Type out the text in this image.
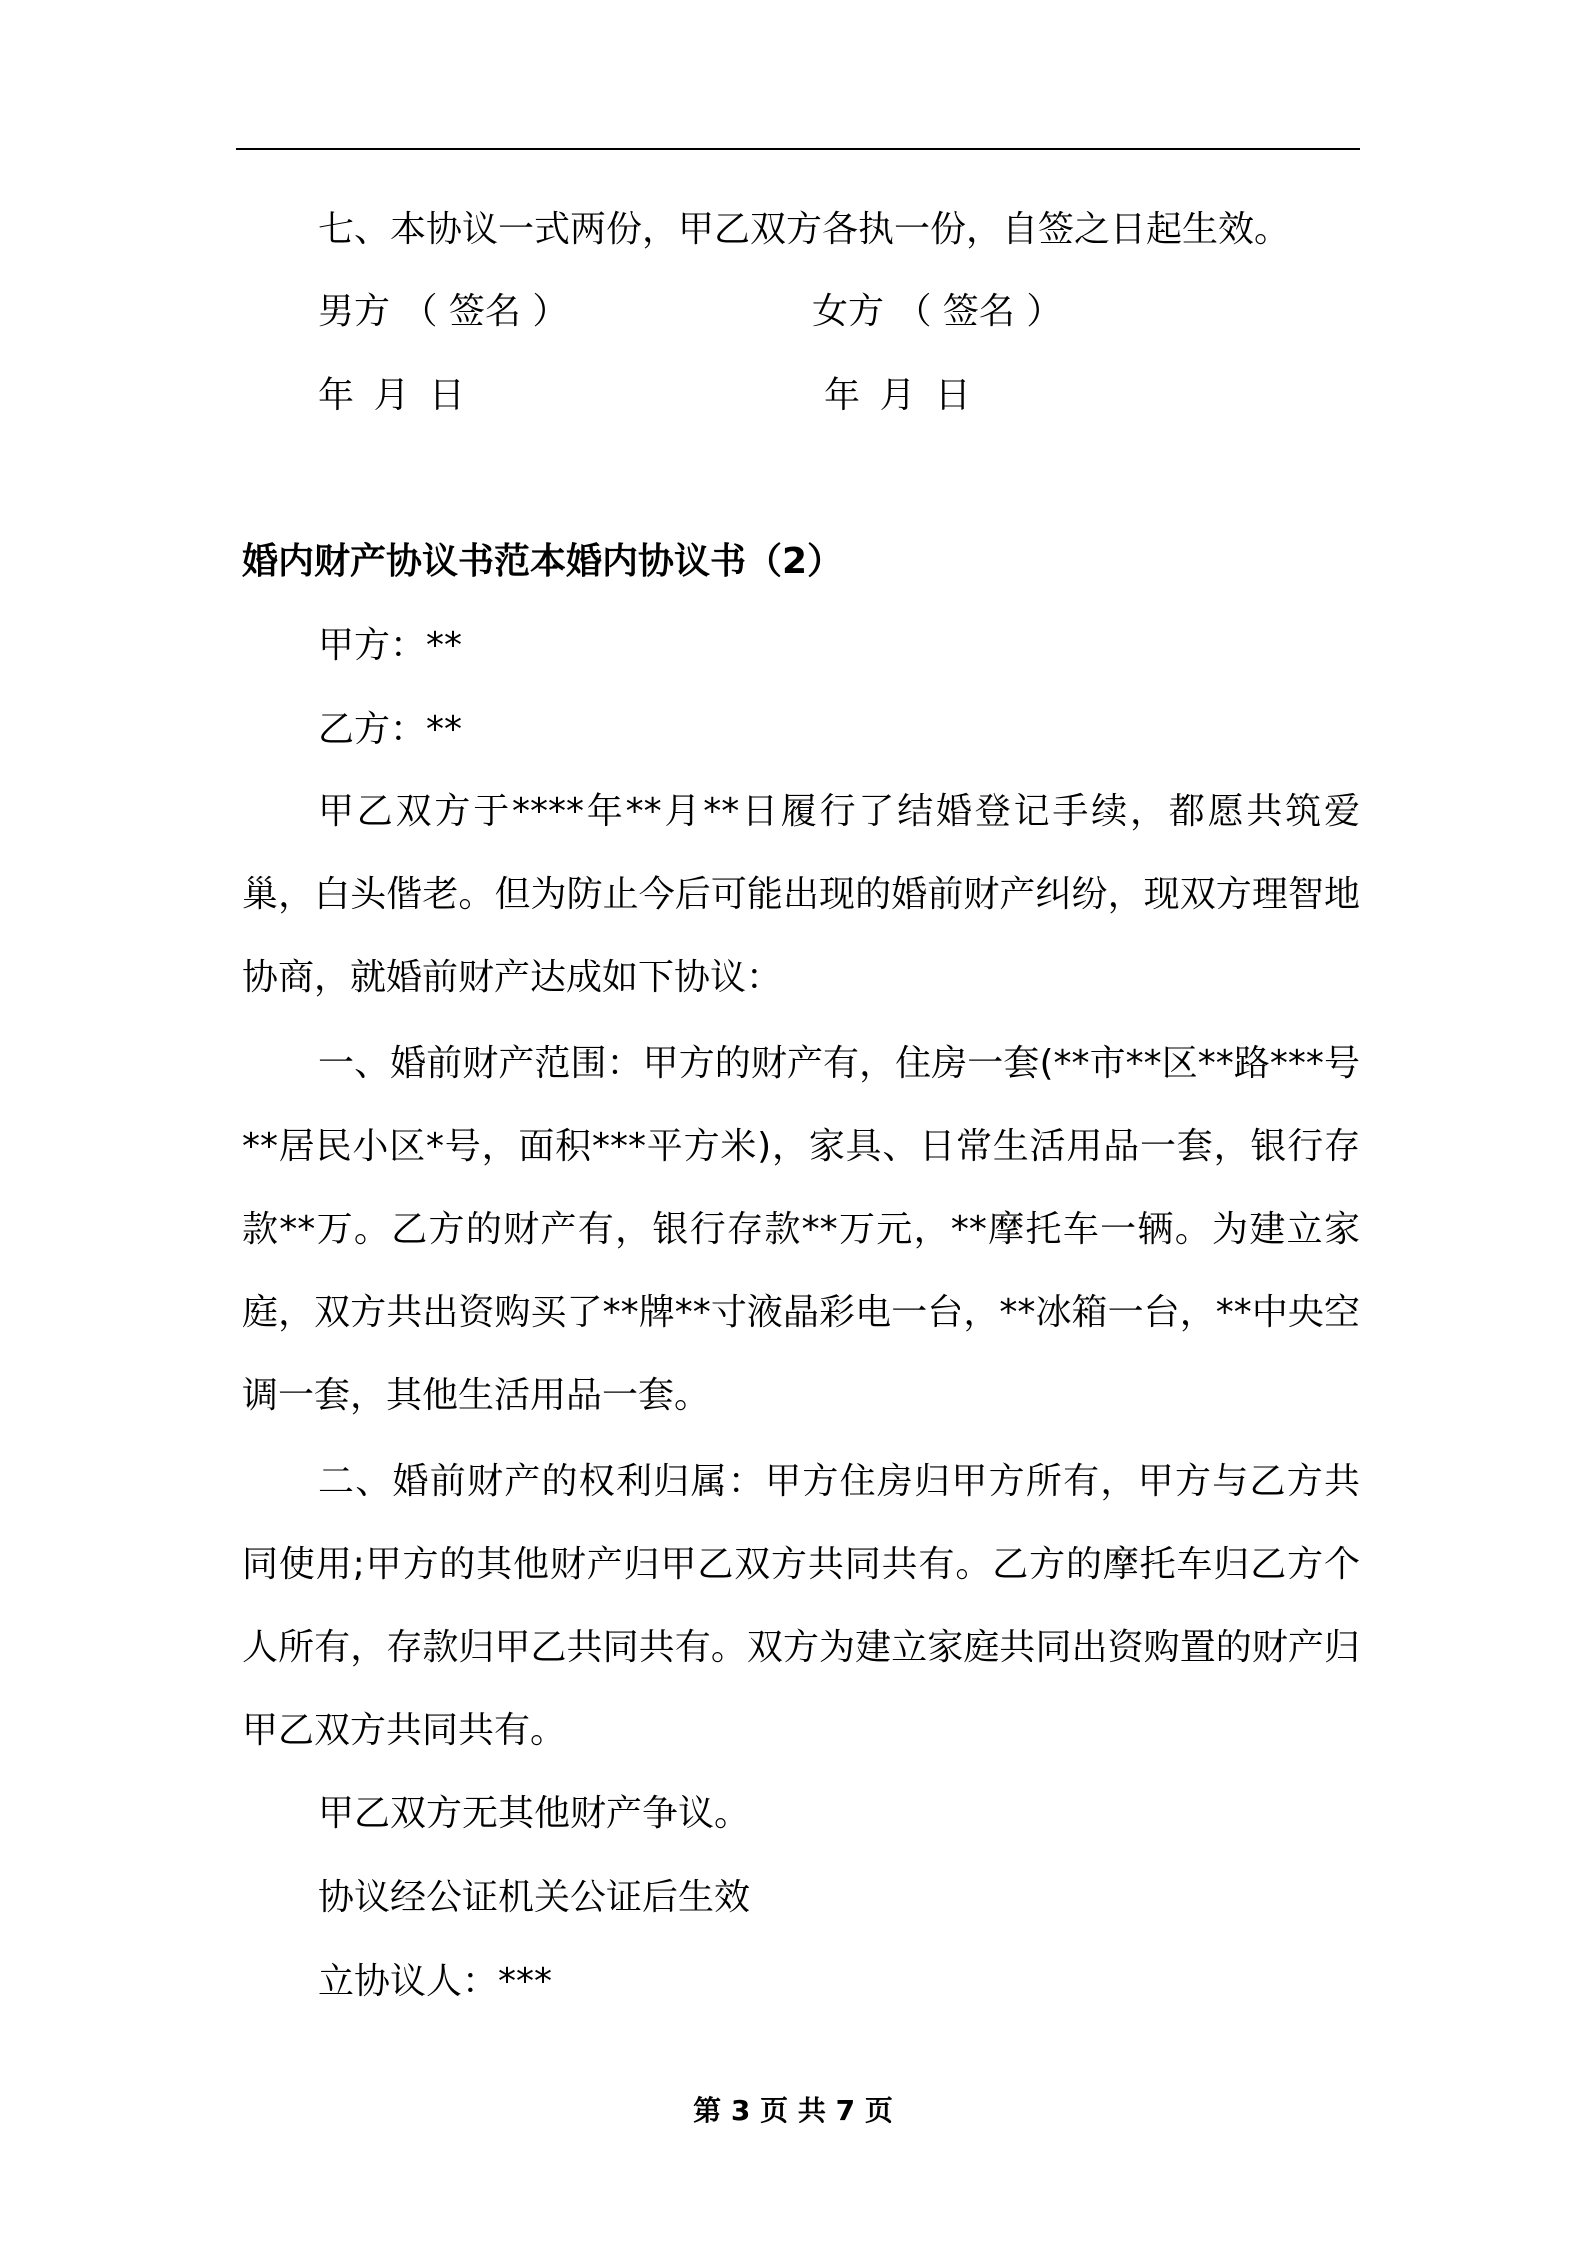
七、本协议一式两份，甲乙双方各执一份，自签之日起生效。
男方 （ 签名 ）	女方 （ 签名 ）
年 月 日	年 月 日
婚内财产协议书范本婚内协议书（2）
甲方：**
乙方：**

甲乙双方于****年**月**日履行了结婚登记手续，都愿共筑爱巢，白头偕老。但为防止今后可能出现的婚前财产纠纷，现双方理智地协商，就婚前财产达成如下协议：

一、婚前财产范围：甲方的财产有，住房一套(**市**区**路***号**居民小区*号，面积***平方米)，家具、日常生活用品一套，银行存款**万。乙方的财产有，银行存款**万元，**摩托车一辆。为建立家庭，双方共出资购买了**牌**寸液晶彩电一台，**冰箱一台，**中央空调一套，其他生活用品一套。

二、婚前财产的权利归属：甲方住房归甲方所有，甲方与乙方共同使用;甲方的其他财产归甲乙双方共同共有。乙方的摩托车归乙方个人所有，存款归甲乙共同共有。双方为建立家庭共同出资购置的财产归甲乙双方共同共有。

甲乙双方无其他财产争议。
协议经公证机关公证后生效
立协议人：***
第 3 页 共 7 页
